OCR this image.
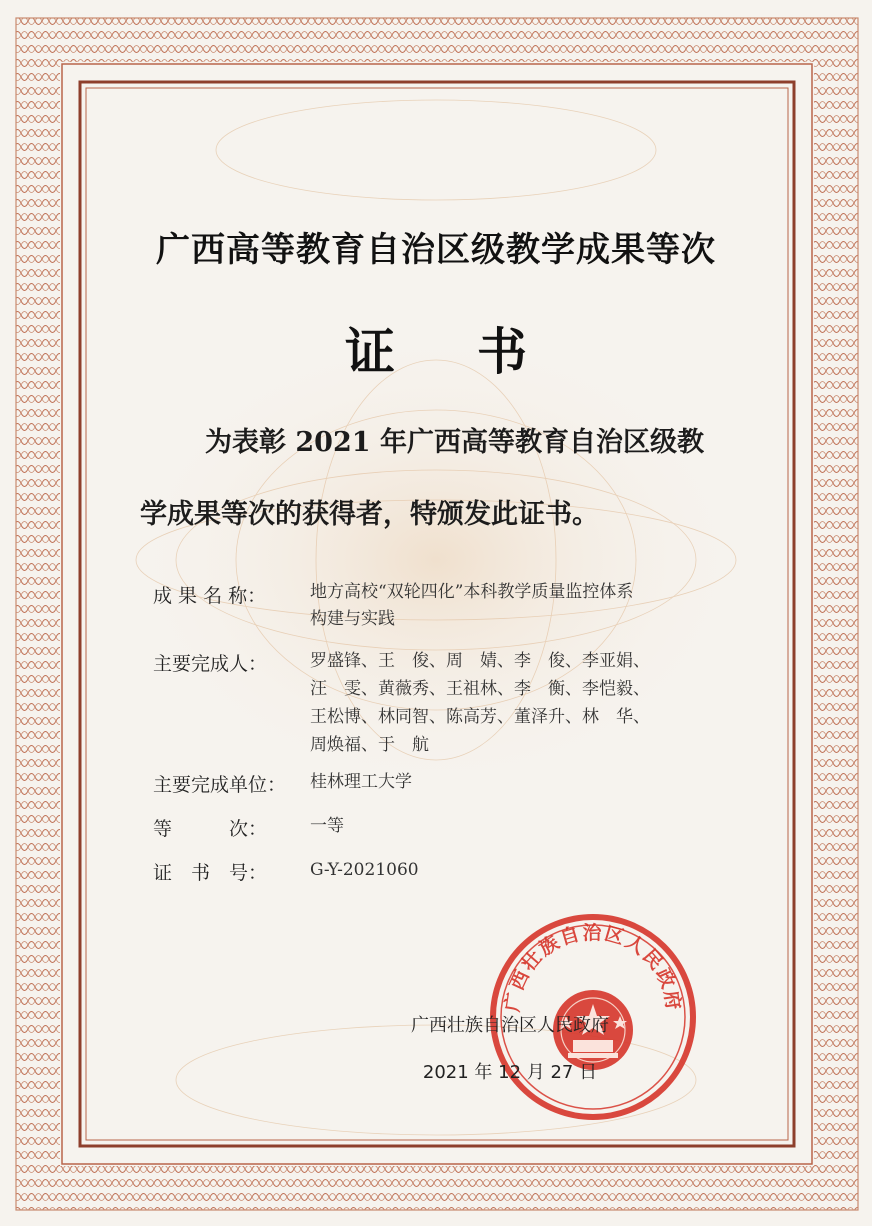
广西高等教育自治区级教学成果等次
证书
为表彰 2021 年广西高等教育自治区级教
学成果等次的获得者，特颁发此证书。
成 果 名 称：	地方高校“双轮四化”本科教学质量监控体系
构建与实践
主要完成人：	罗盛锋、王　俊、周　婧、李　俊、李亚娟、
汪　雯、黄薇秀、王祖林、李　衡、李恺毅、
王松博、林同智、陈高芳、董泽升、林　华、
周焕福、于　航
主要完成单位： 桂林理工大学
等　　　次：	一等
证　书　号：	G-Y-2021060
广西壮族自治区人民政府
广西壮族自治区人民政府
2021 年 12 月 27 日
